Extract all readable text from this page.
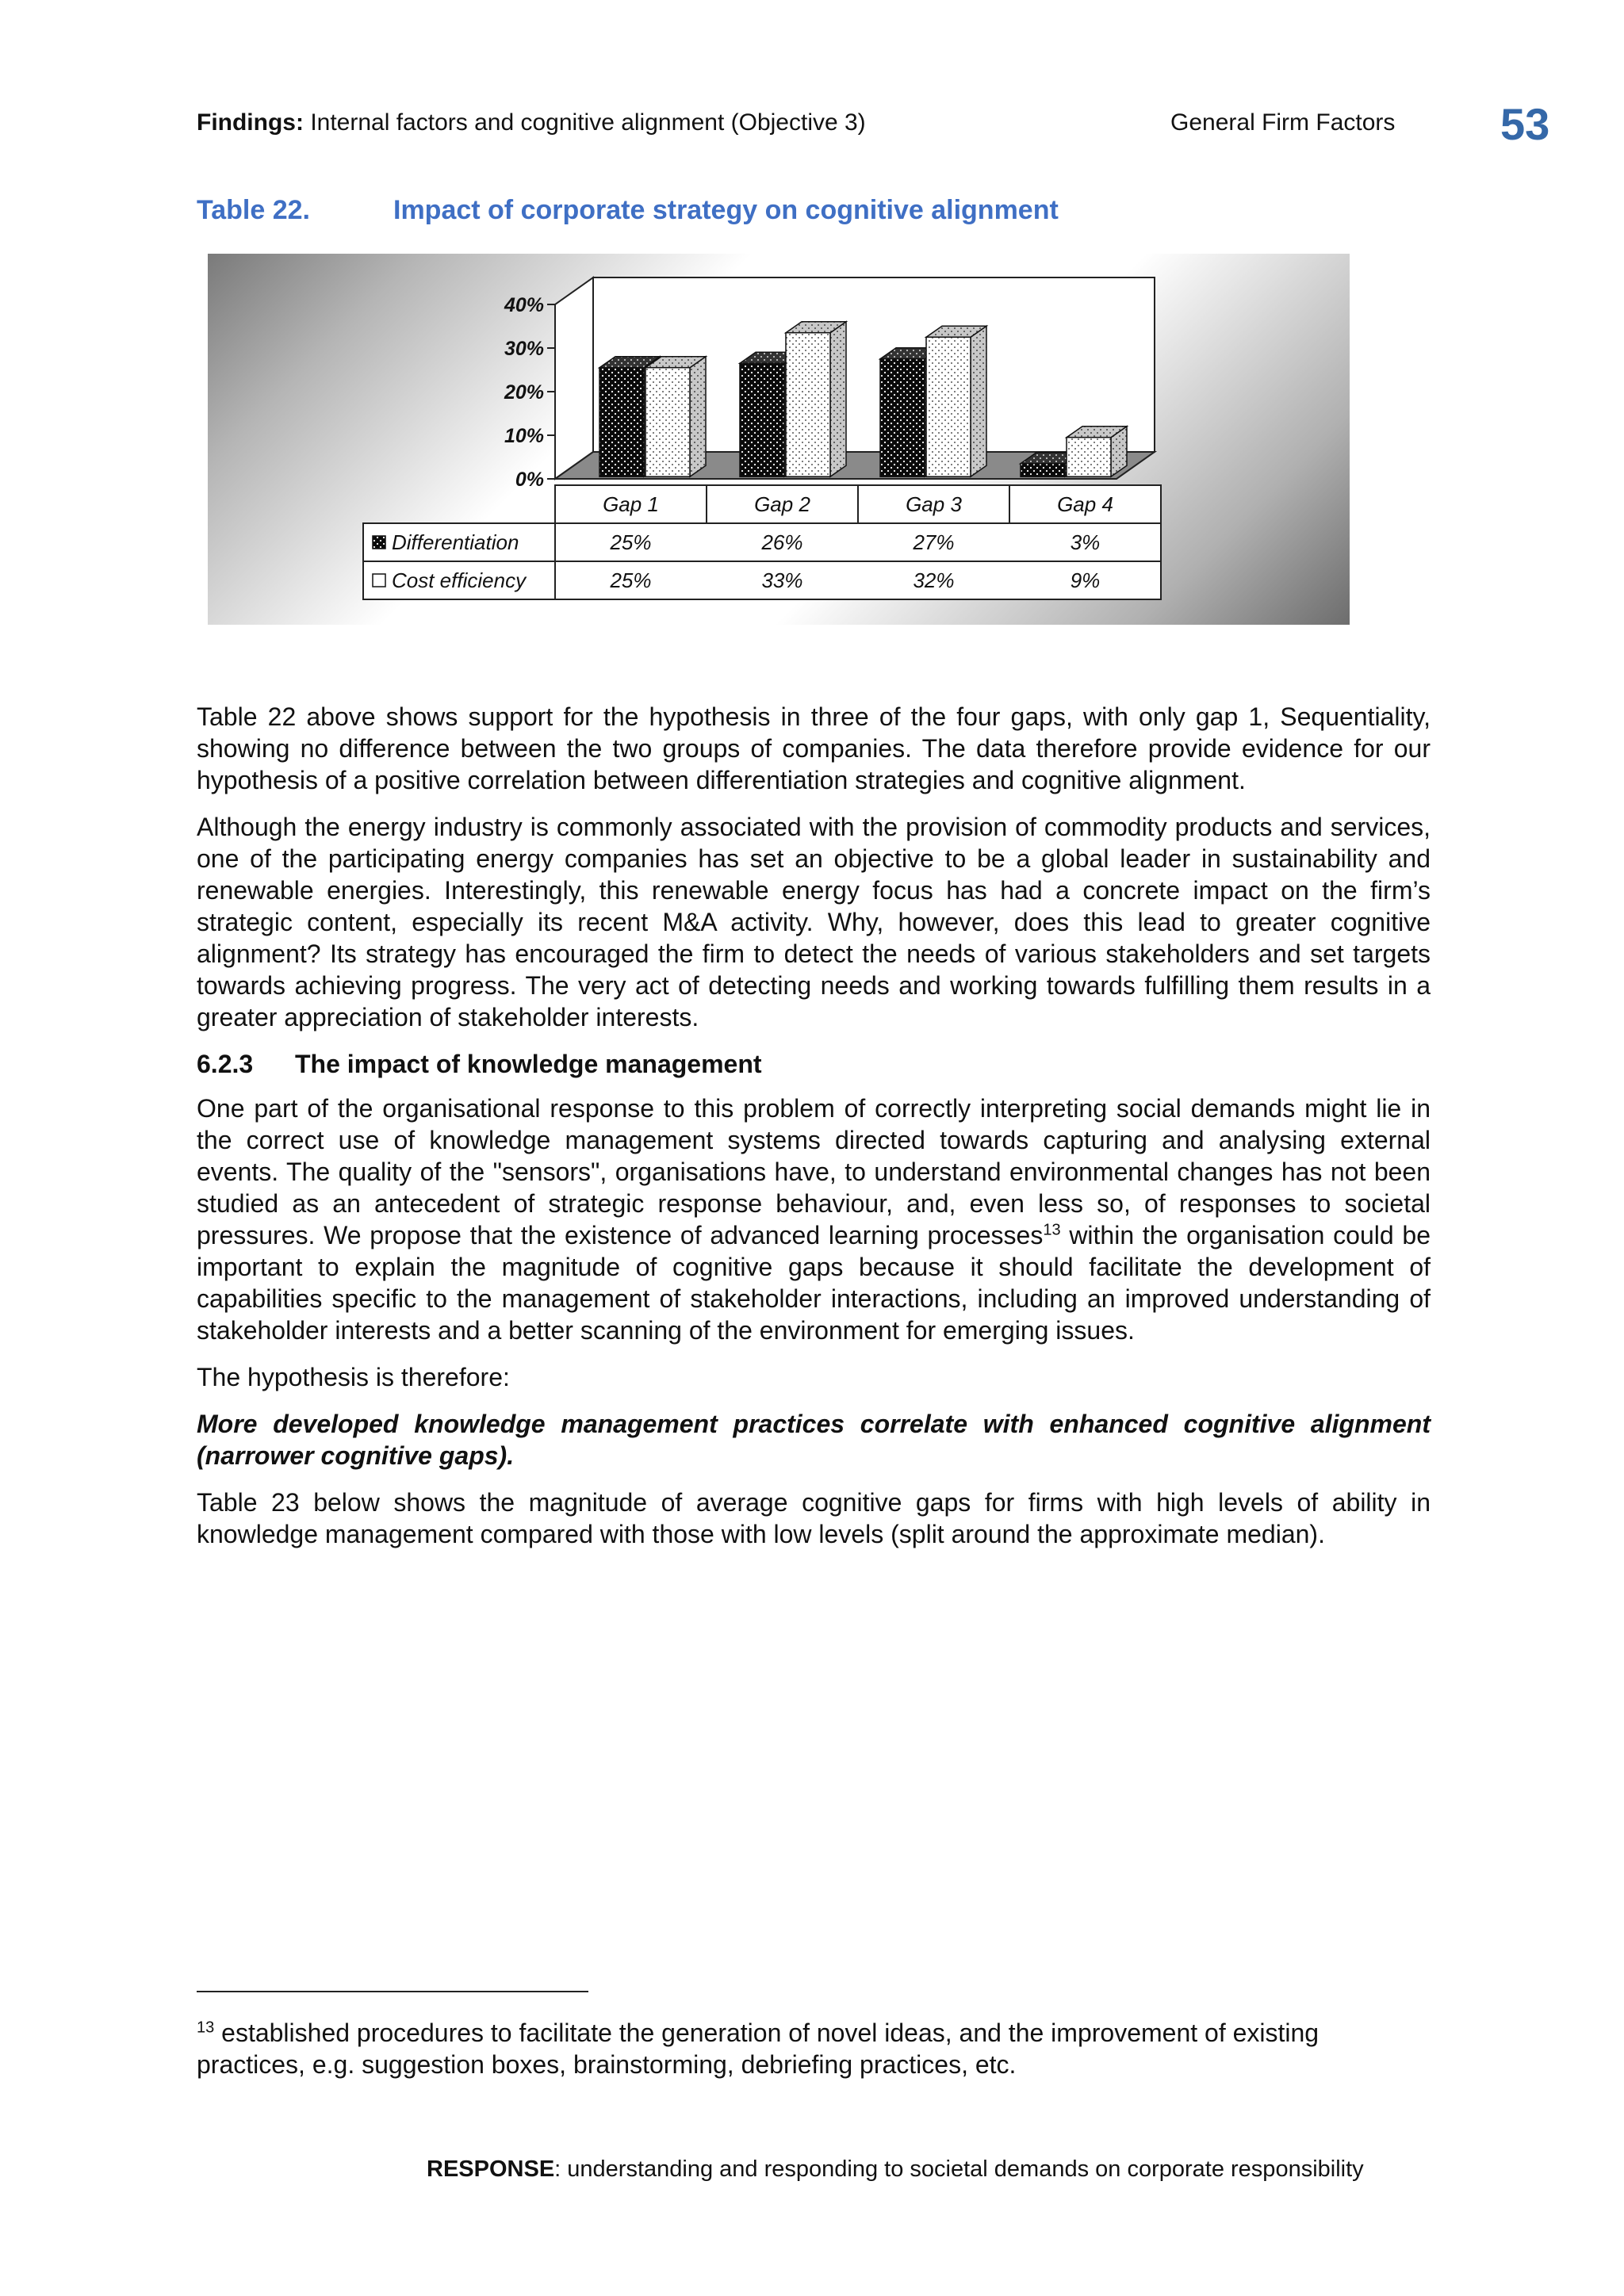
Findings: Internal factors and cognitive alignment (Objective 3)	General Firm Factors 53
Table 22.	Impact of corporate strategy on cognitive alignment
0%
10%
20%
30%
40%
Gap 1	Gap 2	Gap 3	Gap 4
Differentiation	25%	26%	27%	3%
Cost efficiency	25%	33%	32%	9%

Table 22 above shows support for the hypothesis in three of the four gaps, with only gap 1, Sequentiality, showing no difference between the two groups of companies. The data therefore provide evidence for our hypothesis of a positive correlation between differentiation strategies and cognitive alignment.

Although the energy industry is commonly associated with the provision of commodity products and services, one of the participating energy companies has set an objective to be a global leader in sustainability and renewable energies. Interestingly, this renewable energy focus has had a concrete impact on the firm’s strategic content, especially its recent M&A activity. Why, however, does this lead to greater cognitive alignment? Its strategy has encouraged the firm to detect the needs of various stakeholders and set targets towards achieving progress. The very act of detecting needs and working towards fulfilling them results in a greater appreciation of stakeholder interests.

6.2.3 The impact of knowledge management

One part of the organisational response to this problem of correctly interpreting social demands might lie in the correct use of knowledge management systems directed towards capturing and analysing external events. The quality of the "sensors", organisations have, to understand environmental changes has not been studied as an antecedent of strategic response behaviour, and, even less so, of responses to societal pressures. We propose that the existence of advanced learning processes$^{13}$ within the organisation could be important to explain the magnitude of cognitive gaps because it should facilitate the development of capabilities specific to the management of stakeholder interactions, including an improved understanding of stakeholder interests and a better scanning of the environment for emerging issues.

The hypothesis is therefore:

More developed knowledge management practices correlate with enhanced cognitive alignment (narrower cognitive gaps).

Table 23 below shows the magnitude of average cognitive gaps for firms with high levels of ability in knowledge management compared with those with low levels (split around the approximate median).

$^{13}$ established procedures to facilitate the generation of novel ideas, and the improvement of existing practices, e.g. suggestion boxes, brainstorming, debriefing practices, etc.
RESPONSE: understanding and responding to societal demands on corporate responsibility
